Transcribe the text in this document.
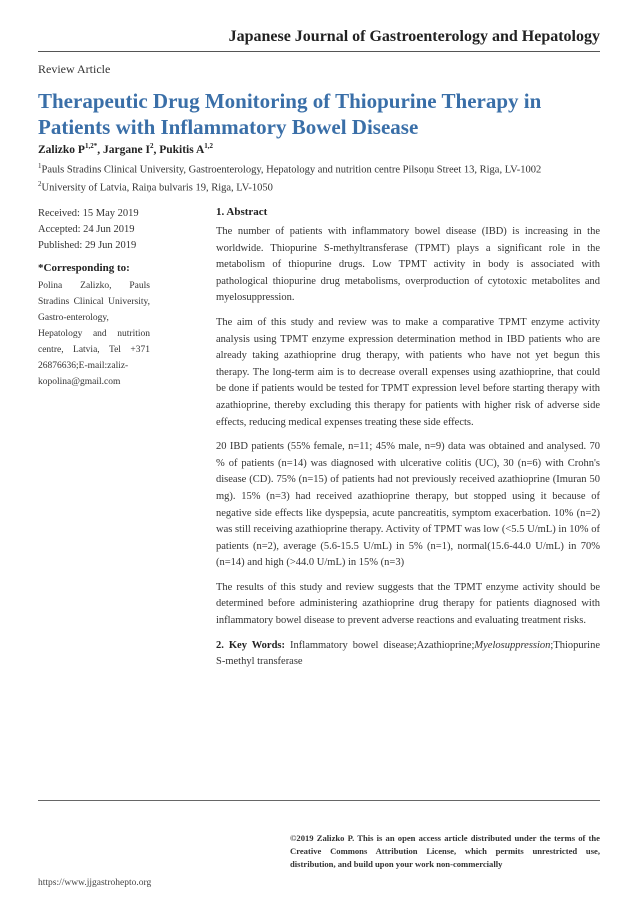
Japanese Journal of Gastroenterology and Hepatology
Review Article
Therapeutic Drug Monitoring of Thiopurine Therapy in Patients with Inflammatory Bowel Disease
Zalizko $P^{1,2*}$, Jargane $I^2$, Pukitis A$^{1,2}$
$^1$Pauls Stradins Clinical University, Gastroenterology, Hepatology and nutrition centre Pilsoņu Street 13, Riga, LV-1002
$^2$University of Latvia, Raiņa bulvaris 19, Riga, LV-1050
Received: 15 May 2019
Accepted: 24 Jun 2019
Published: 29 Jun 2019
*Corresponding to:
Polina Zalizko, Pauls Stradins Clinical University, Gastro-enterology, Hepatology and nutrition centre, Latvia, Tel +371 26876636;E-mail:zaliz-kopolina@gmail.com
1. Abstract

The number of patients with inflammatory bowel disease (IBD) is increasing in the worldwide. Thiopurine S-methyltransferase (TPMT) plays a significant role in the metabolism of thiopurine drugs. Low TPMT activity in body is associated with pathological thiopurine drug metabolisms, overproduction of cytotoxic metabolites and myelosuppression.

The aim of this study and review was to make a comparative TPMT enzyme activity analysis using TPMT enzyme expression determination method in IBD patients who are already taking azathioprine drug therapy, with patients who have not yet begun this therapy. The long-term aim is to decrease overall expenses using azathioprine, that could be done if patients would be tested for TPMT expression level before starting therapy with azathioprine, thereby excluding this therapy for patients with higher risk of adverse side effects, reducing medical expenses treating these side effects.

20 IBD patients (55% female, n=11; 45% male, n=9) data was obtained and analysed. 70 % of patients (n=14) was diagnosed with ulcerative colitis (UC), 30 (n=6) with Crohn's disease (CD). 75% (n=15) of patients had not previously received azathioprine (Imuran 50 mg). 15% (n=3) had received azathioprine therapy, but stopped using it because of negative side effects like dyspepsia, acute pancreatitis, symptom exacerbation. 10% (n=2) was still receiving azathioprine therapy. Activity of TPMT was low (<5.5 U/mL) in 10% of patients (n=2), average (5.6-15.5 U/mL) in 5% (n=1), normal(15.6-44.0 U/mL) in 70% (n=14) and high (>44.0 U/mL) in 15% (n=3)

The results of this study and review suggests that the TPMT enzyme activity should be determined before administering azathioprine drug therapy for patients diagnosed with inflammatory bowel disease to prevent adverse reactions and evaluating treatment risks.

2. Key Words: Inflammatory bowel disease;Azathioprine;Myelosuppression;Thiopurine S-methyl transferase
©2019 Zalizko P. This is an open access article distributed under the terms of the Creative Commons Attribution License, which permits unrestricted use, distribution, and build upon your work non-commercially
https://www.jjgastrohepto.org
